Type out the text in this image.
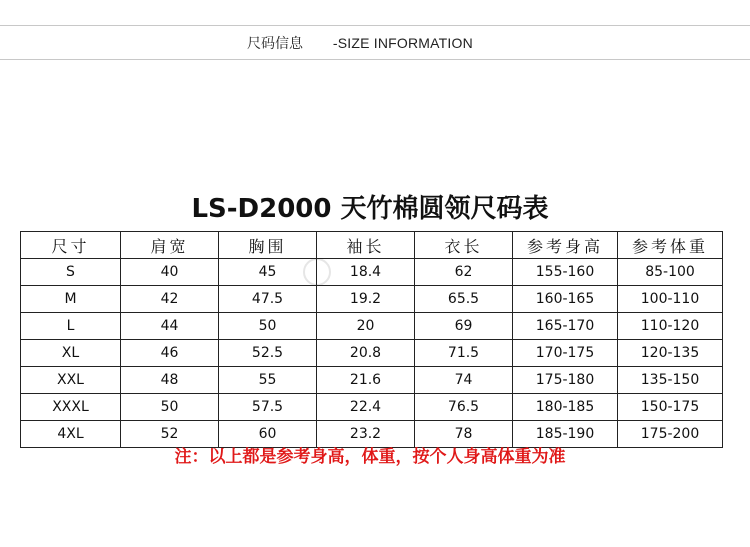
尺码信息 -SIZE INFORMATION
LS-D2000 天竹棉圆领尺码表
尺寸	肩宽	胸围	袖长	衣长	参考身高	参考体重
S	40	45	18.4	62	155-160	85-100
M	42	47.5	19.2	65.5	160-165	100-110
L	44	50	20	69	165-170	110-120
XL	46	52.5	20.8	71.5	170-175	120-135
XXL	48	55	21.6	74	175-180	135-150
XXXL	50	57.5	22.4	76.5	180-185	150-175
4XL	52	60	23.2	78	185-190	175-200
注：以上都是参考身高，体重，按个人身高体重为准
